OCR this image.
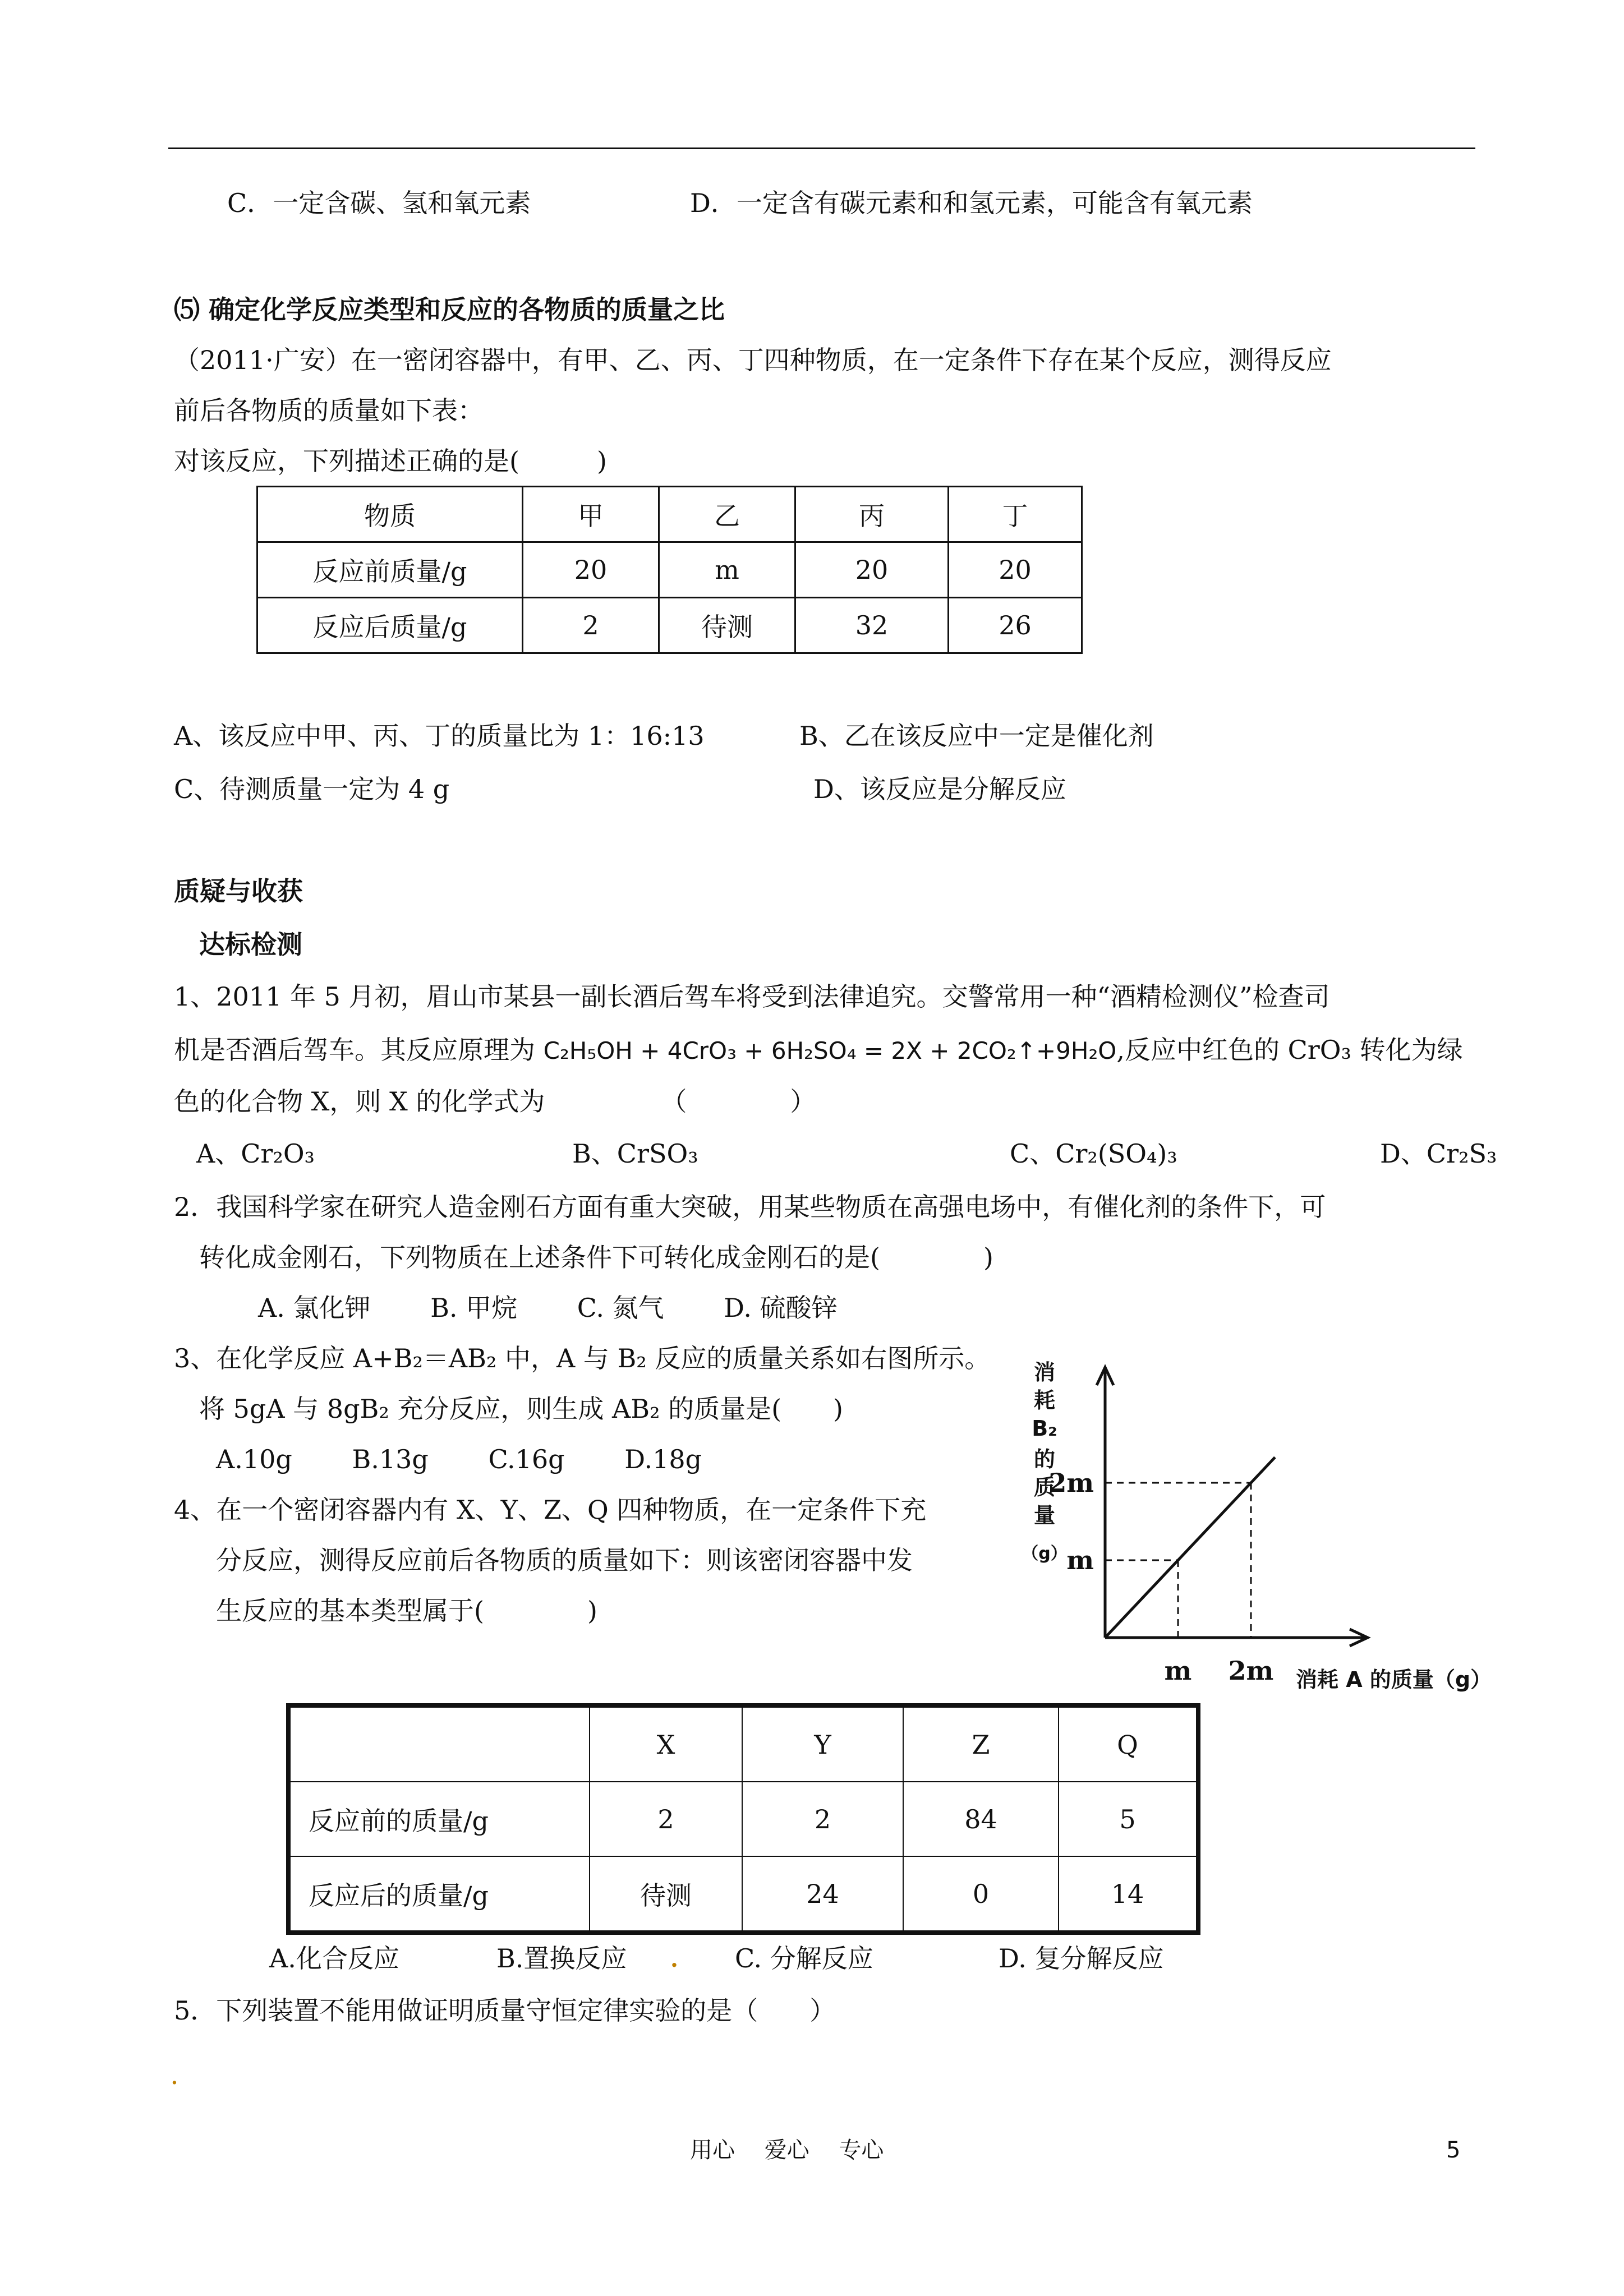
C．一定含碳、氢和氧元素	D．一定含有碳元素和和氢元素，可能含有氧元素
⑸ 确定化学反应类型和反应的各物质的质量之比
（2011·广安）在一密闭容器中，有甲、乙、丙、丁四种物质，在一定条件下存在某个反应，测得反应
前后各物质的质量如下表：
对该反应，下列描述正确的是(　　　)
物质	甲	乙	丙	丁
反应前质量/g	20	m	20	20
反应后质量/g	2	待测	32	26
A、该反应中甲、丙、丁的质量比为 1：16:13	B、乙在该反应中一定是催化剂
C、待测质量一定为 4 g	D、该反应是分解反应
质疑与收获
达标检测
1、2011 年 5 月初，眉山市某县一副长酒后驾车将受到法律追究。交警常用一种“酒精检测仪”检查司
机是否酒后驾车。其反应原理为 C₂H₅OH + 4CrO₃ + 6H₂SO₄ = 2X + 2CO₂↑+9H₂O,反应中红色的 CrO₃ 转化为绿
色的化合物 X，则 X 的化学式为　　　　　（　　　　）
A、Cr₂O₃	B、CrSO₃	C、Cr₂(SO₄)₃	D、Cr₂S₃
2．我国科学家在研究人造金刚石方面有重大突破，用某些物质在高强电场中，有催化剂的条件下，可
转化成金刚石，下列物质在上述条件下可转化成金刚石的是(　　　　)
A. 氯化钾　　 B. 甲烷　　 C. 氮气　　 D. 硫酸锌
3、在化学反应 A+B₂＝AB₂ 中，A 与 B₂ 反应的质量关系如右图所示。
将 5gA 与 8gB₂ 充分反应，则生成 AB₂ 的质量是(　　)
A.10g　　 B.13g　　 C.16g　　 D.18g
4、在一个密闭容器内有 X、Y、Z、Q 四种物质，在一定条件下充
分反应，测得反应前后各物质的质量如下：则该密闭容器中发
生反应的基本类型属于(　　　　)
2m
m
m 2m 消耗 A 的质量（g）
消
耗
B₂
的
质
量
（g）
	X	Y	Z	Q
反应前的质量/g	2	2	84	5
反应后的质量/g	待测	24	0	14
A.化合反应	B.置换反应 . C. 分解反应	D. 复分解反应
5．下列装置不能用做证明质量守恒定律实验的是（　　）
.
用心　 爱心　 专心	5
